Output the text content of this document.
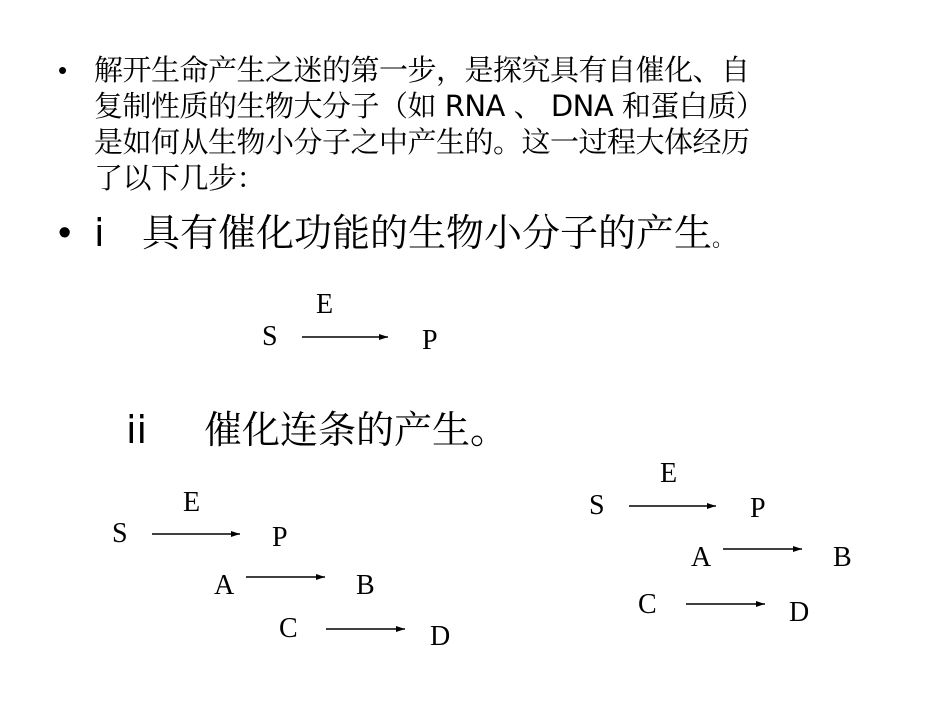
• 解开生命产生之迷的第一步，是探究具有自催化、自
复制性质的生物大分子（如 RNA 、 DNA 和蛋白质）
是如何从生物小分子之中产生的。这一过程大体经历
了以下几步：
• ⅰ 具有催化功能的生物小分子的产生。
E
S	P
ⅰⅰ 催化连条的产生。
E
S	P
A	B
C	D
E
S	P
A	B
C	D
